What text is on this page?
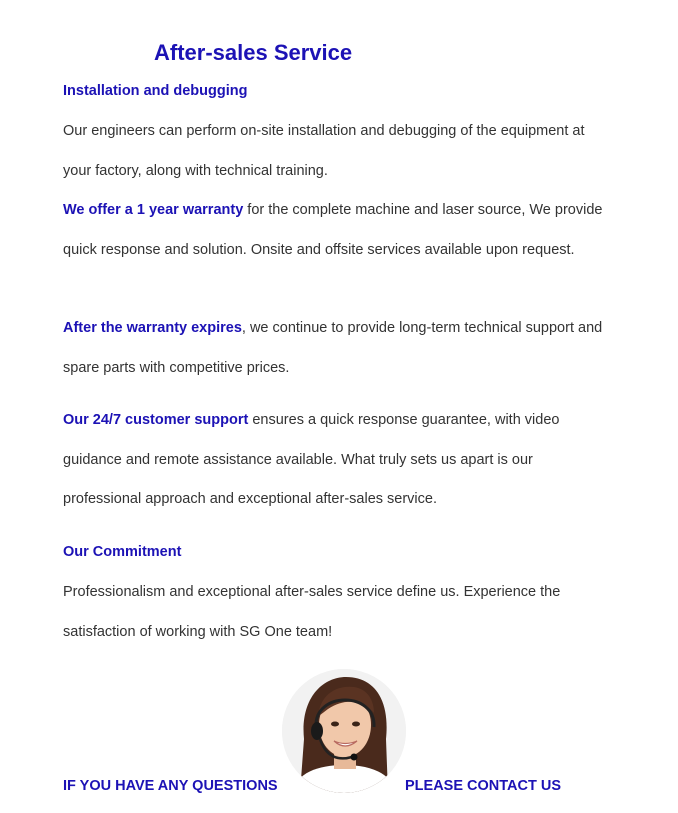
After-sales Service
Installation and debugging
Our engineers can perform on-site installation and debugging of the equipment at your factory, along with technical training.
We offer a 1 year warranty for the complete machine and laser source, We provide quick response and solution. Onsite and offsite services available upon request.
After the warranty expires, we continue to provide long-term technical support and spare parts with competitive prices.
Our 24/7 customer support ensures a quick response guarantee, with video guidance and remote assistance available. What truly sets us apart is our professional approach and exceptional after-sales service.
Our Commitment
Professionalism and exceptional after-sales service define us. Experience the satisfaction of working with SG One team!
IF YOU HAVE ANY QUESTIONS	PLEASE CONTACT US
